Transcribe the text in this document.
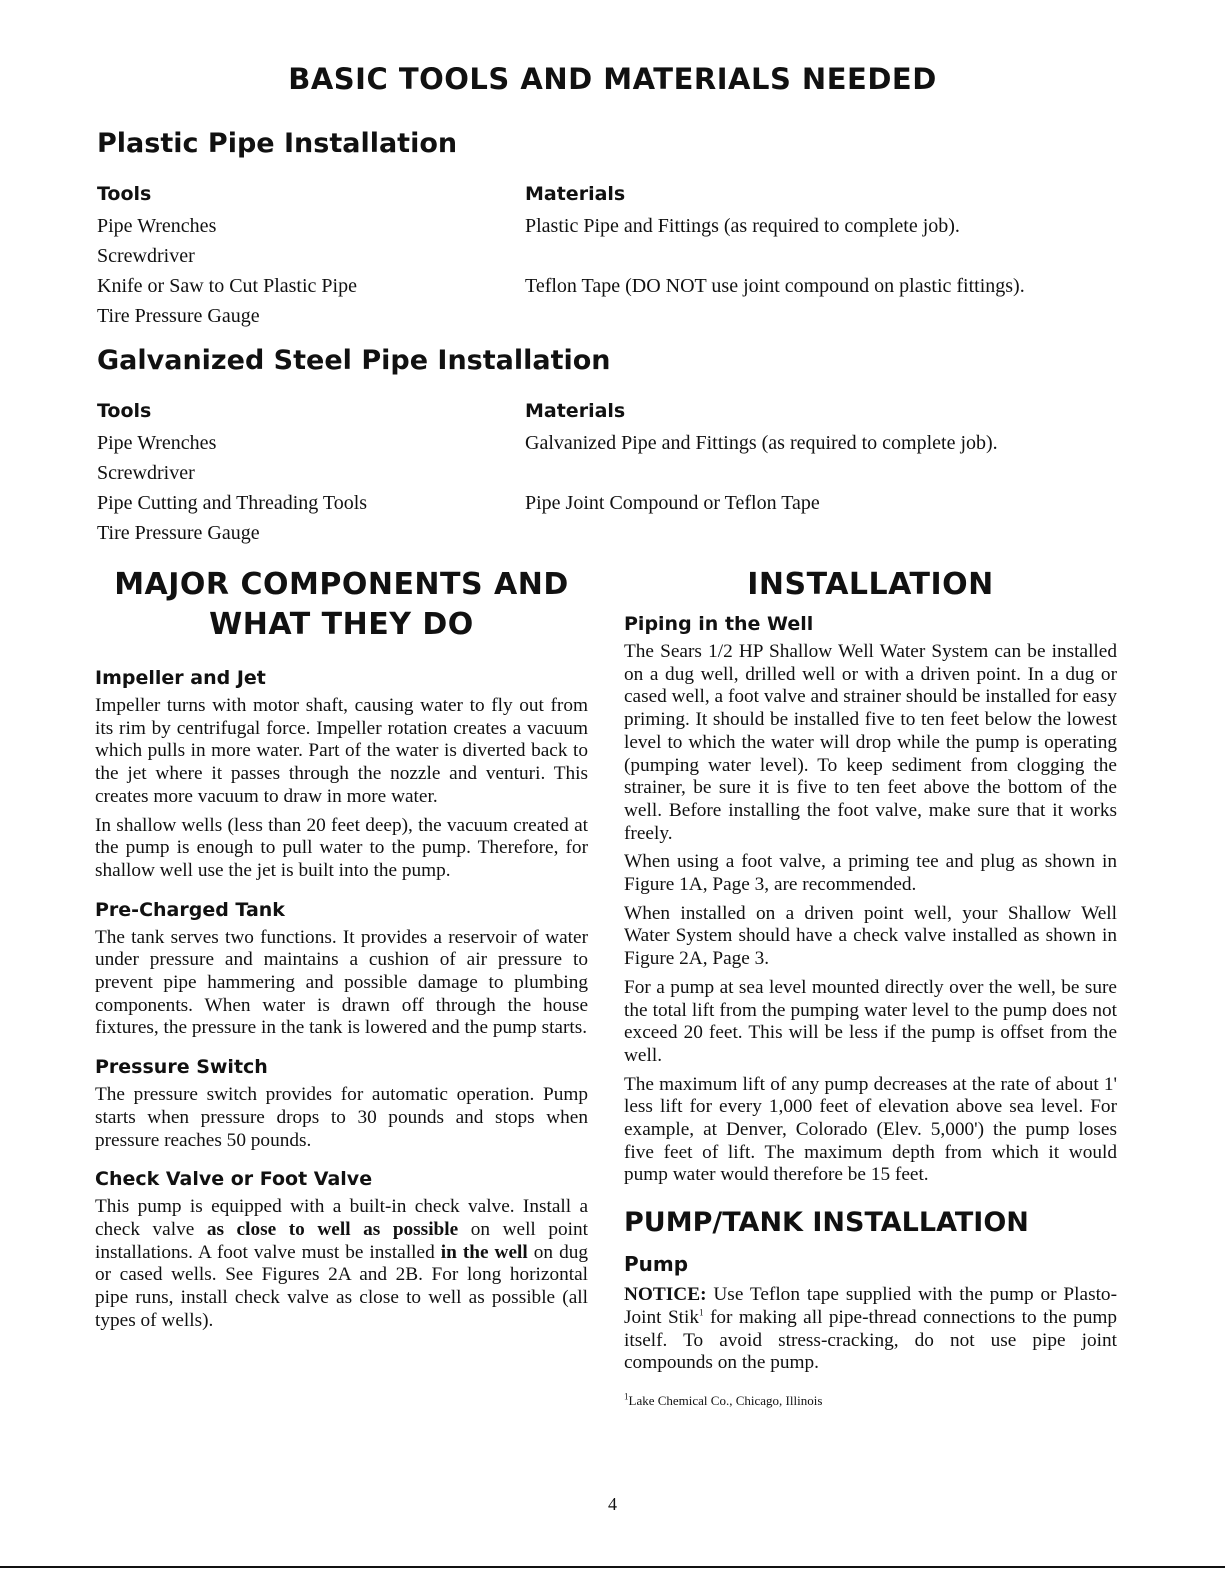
BASIC TOOLS AND MATERIALS NEEDED
Plastic Pipe Installation
Tools	Materials
Pipe Wrenches
Screwdriver
Knife or Saw to Cut Plastic Pipe
Tire Pressure Gauge
Plastic Pipe and Fittings (as required to complete job).
Teflon Tape (DO NOT use joint compound on plastic fittings).
Galvanized Steel Pipe Installation
Tools	Materials
Pipe Wrenches
Screwdriver
Pipe Cutting and Threading Tools
Tire Pressure Gauge
Galvanized Pipe and Fittings (as required to complete job).
Pipe Joint Compound or Teflon Tape
MAJOR COMPONENTS AND
WHAT THEY DO
Impeller and Jet

Impeller turns with motor shaft, causing water to fly out from its rim by centrifugal force. Impeller rotation creates a vacuum which pulls in more water. Part of the water is diverted back to the jet where it passes through the nozzle and venturi. This creates more vacuum to draw in more water.

In shallow wells (less than 20 feet deep), the vacuum created at the pump is enough to pull water to the pump. Therefore, for shallow well use the jet is built into the pump.

Pre-Charged Tank

The tank serves two functions. It provides a reservoir of water under pressure and maintains a cushion of air pressure to prevent pipe hammering and possible damage to plumbing components. When water is drawn off through the house fixtures, the pressure in the tank is lowered and the pump starts.

Pressure Switch

The pressure switch provides for automatic operation. Pump starts when pressure drops to 30 pounds and stops when pressure reaches 50 pounds.

Check Valve or Foot Valve

This pump is equipped with a built-in check valve. Install a check valve as close to well as possible on well point installations. A foot valve must be installed in the well on dug or cased wells. See Figures 2A and 2B. For long horizontal pipe runs, install check valve as close to well as possible (all types of wells).

INSTALLATION
Piping in the Well

The Sears 1/2 HP Shallow Well Water System can be installed on a dug well, drilled well or with a driven point. In a dug or cased well, a foot valve and strainer should be installed for easy priming. It should be installed five to ten feet below the lowest level to which the water will drop while the pump is operating (pumping water level). To keep sediment from clogging the strainer, be sure it is five to ten feet above the bottom of the well. Before installing the foot valve, make sure that it works freely.

When using a foot valve, a priming tee and plug as shown in Figure 1A, Page 3, are recommended.

When installed on a driven point well, your Shallow Well Water System should have a check valve installed as shown in Figure 2A, Page 3.

For a pump at sea level mounted directly over the well, be sure the total lift from the pumping water level to the pump does not exceed 20 feet. This will be less if the pump is offset from the well.

The maximum lift of any pump decreases at the rate of about 1' less lift for every 1,000 feet of elevation above sea level. For example, at Denver, Colorado (Elev. 5,000') the pump loses five feet of lift. The maximum depth from which it would pump water would therefore be 15 feet.

PUMP/TANK INSTALLATION
Pump

NOTICE: Use Teflon tape supplied with the pump or Plasto-Joint Stik$^1$ for making all pipe-thread connections to the pump itself. To avoid stress-cracking, do not use pipe joint compounds on the pump.

$^1$Lake Chemical Co., Chicago, Illinois
4
